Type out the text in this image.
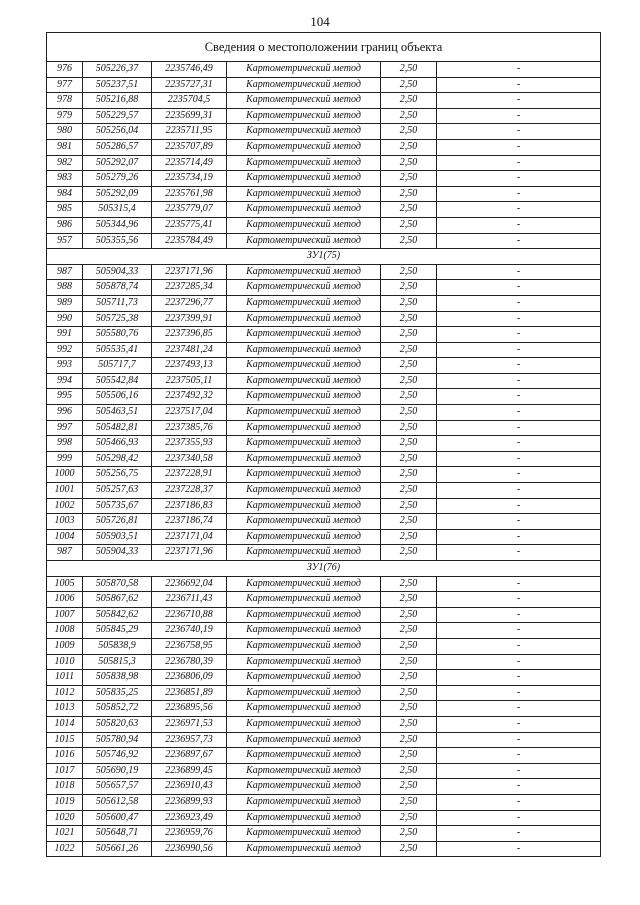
104
Сведения о местоположении границ объекта					
976	505226,37	2235746,49	Картометрический метод	2,50	-
977	505237,51	2235727,31	Картометрический метод	2,50	-
978	505216,88	2235704,5	Картометрический метод	2,50	-
979	505229,57	2235699,31	Картометрический метод	2,50	-
980	505256,04	2235711,95	Картометрический метод	2,50	-
981	505286,57	2235707,89	Картометрический метод	2,50	-
982	505292,07	2235714,49	Картометрический метод	2,50	-
983	505279,26	2235734,19	Картометрический метод	2,50	-
984	505292,09	2235761,98	Картометрический метод	2,50	-
985	505315,4	2235779,07	Картометрический метод	2,50	-
986	505344,96	2235775,41	Картометрический метод	2,50	-
957	505355,56	2235784,49	Картометрический метод	2,50	-
ЗУ1(75)					
987	505904,33	2237171,96	Картометрический метод	2,50	-
988	505878,74	2237285,34	Картометрический метод	2,50	-
989	505711,73	2237296,77	Картометрический метод	2,50	-
990	505725,38	2237399,91	Картометрический метод	2,50	-
991	505580,76	2237396,85	Картометрический метод	2,50	-
992	505535,41	2237481,24	Картометрический метод	2,50	-
993	505717,7	2237493,13	Картометрический метод	2,50	-
994	505542,84	2237505,11	Картометрический метод	2,50	-
995	505506,16	2237492,32	Картометрический метод	2,50	-
996	505463,51	2237517,04	Картометрический метод	2,50	-
997	505482,81	2237385,76	Картометрический метод	2,50	-
998	505466,93	2237355,93	Картометрический метод	2,50	-
999	505298,42	2237340,58	Картометрический метод	2,50	-
1000	505256,75	2237228,91	Картометрический метод	2,50	-
1001	505257,63	2237228,37	Картометрический метод	2,50	-
1002	505735,67	2237186,83	Картометрический метод	2,50	-
1003	505726,81	2237186,74	Картометрический метод	2,50	-
1004	505903,51	2237171,04	Картометрический метод	2,50	-
987	505904,33	2237171,96	Картометрический метод	2,50	-
ЗУ1(76)					
1005	505870,58	2236692,04	Картометрический метод	2,50	-
1006	505867,62	2236711,43	Картометрический метод	2,50	-
1007	505842,62	2236710,88	Картометрический метод	2,50	-
1008	505845,29	2236740,19	Картометрический метод	2,50	-
1009	505838,9	2236758,95	Картометрический метод	2,50	-
1010	505815,3	2236780,39	Картометрический метод	2,50	-
1011	505838,98	2236806,09	Картометрический метод	2,50	-
1012	505835,25	2236851,89	Картометрический метод	2,50	-
1013	505852,72	2236895,56	Картометрический метод	2,50	-
1014	505820,63	2236971,53	Картометрический метод	2,50	-
1015	505780,94	2236957,73	Картометрический метод	2,50	-
1016	505746,92	2236897,67	Картометрический метод	2,50	-
1017	505690,19	2236899,45	Картометрический метод	2,50	-
1018	505657,57	2236910,43	Картометрический метод	2,50	-
1019	505612,58	2236899,93	Картометрический метод	2,50	-
1020	505600,47	2236923,49	Картометрический метод	2,50	-
1021	505648,71	2236959,76	Картометрический метод	2,50	-
1022	505661,26	2236990,56	Картометрический метод	2,50	-
